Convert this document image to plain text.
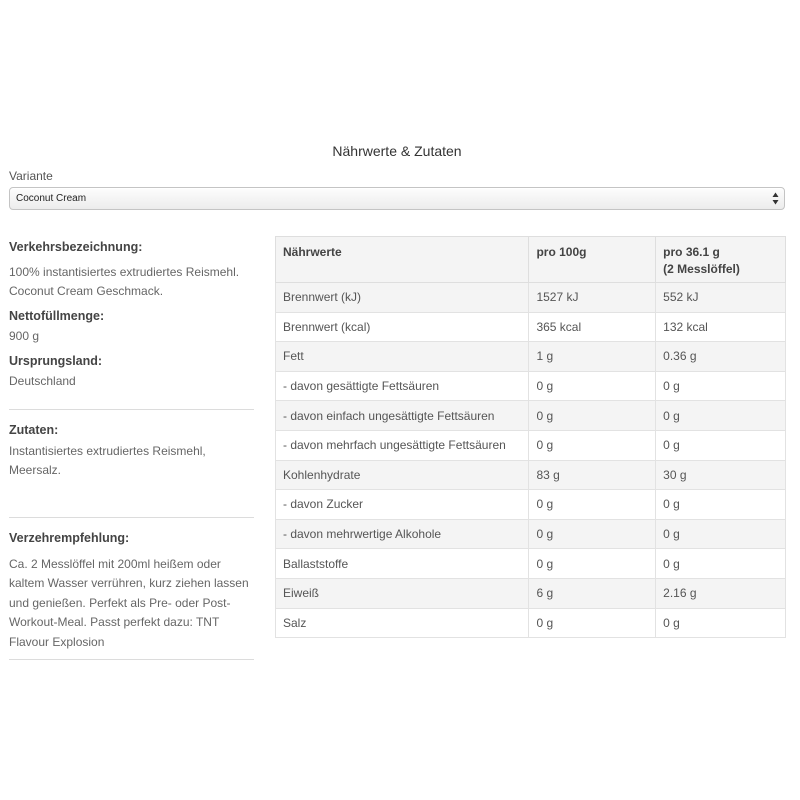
Nährwerte & Zutaten
Variante
Coconut Cream

Verkehrsbezeichnung:

100% instantisiertes extrudiertes Reismehl. Coconut Cream Geschmack.

Nettofüllmenge:

900 g

Ursprungsland:

Deutschland

Zutaten:

Instantisiertes extrudiertes Reismehl, Meersalz.

Verzehrempfehlung:

Ca. 2 Messlöffel mit 200ml heißem oder kaltem Wasser verrühren, kurz ziehen lassen und genießen. Perfekt als Pre- oder Post-Workout-Meal. Passt perfekt dazu: TNT Flavour Explosion

Nährwerte	pro 100g	pro 36.1 g
(2 Messlöffel)
Brennwert (kJ)	1527 kJ	552 kJ
Brennwert (kcal)	365 kcal	132 kcal
Fett	1 g	0.36 g
- davon gesättigte Fettsäuren	0 g	0 g
- davon einfach ungesättigte Fettsäuren	0 g	0 g
- davon mehrfach ungesättigte Fettsäuren	0 g	0 g
Kohlenhydrate	83 g	30 g
- davon Zucker	0 g	0 g
- davon mehrwertige Alkohole	0 g	0 g
Ballaststoffe	0 g	0 g
Eiweiß	6 g	2.16 g
Salz	0 g	0 g
